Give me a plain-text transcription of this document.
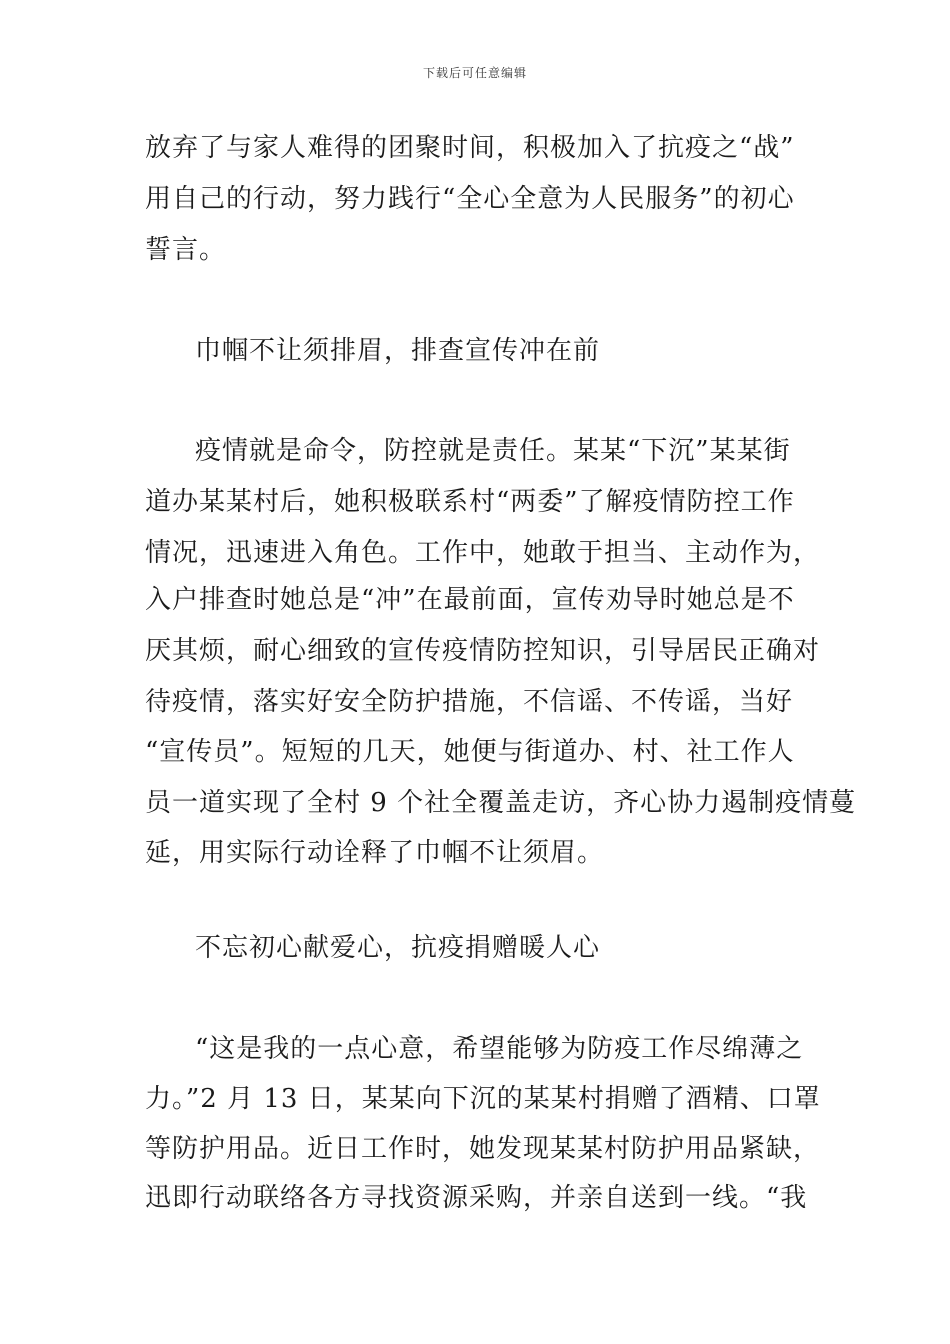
下载后可任意编辑
放弃了与家人难得的团聚时间，积极加入了抗疫之“战”
用自己的行动，努力践行“全心全意为人民服务”的初心
誓言。
巾帼不让须排眉，排查宣传冲在前
疫情就是命令，防控就是责任。某某“下沉”某某街
道办某某村后，她积极联系村“两委”了解疫情防控工作
情况，迅速进入角色。工作中，她敢于担当、主动作为，
入户排查时她总是“冲”在最前面，宣传劝导时她总是不
厌其烦，耐心细致的宣传疫情防控知识，引导居民正确对
待疫情，落实好安全防护措施，不信谣、不传谣，当好
“宣传员”。短短的几天，她便与街道办、村、社工作人
员一道实现了全村 9 个社全覆盖走访，齐心协力遏制疫情蔓
延，用实际行动诠释了巾帼不让须眉。
不忘初心献爱心，抗疫捐赠暖人心
“这是我的一点心意，希望能够为防疫工作尽绵薄之
力。”2 月 13 日，某某向下沉的某某村捐赠了酒精、口罩
等防护用品。近日工作时，她发现某某村防护用品紧缺，
迅即行动联络各方寻找资源采购，并亲自送到一线。“我
